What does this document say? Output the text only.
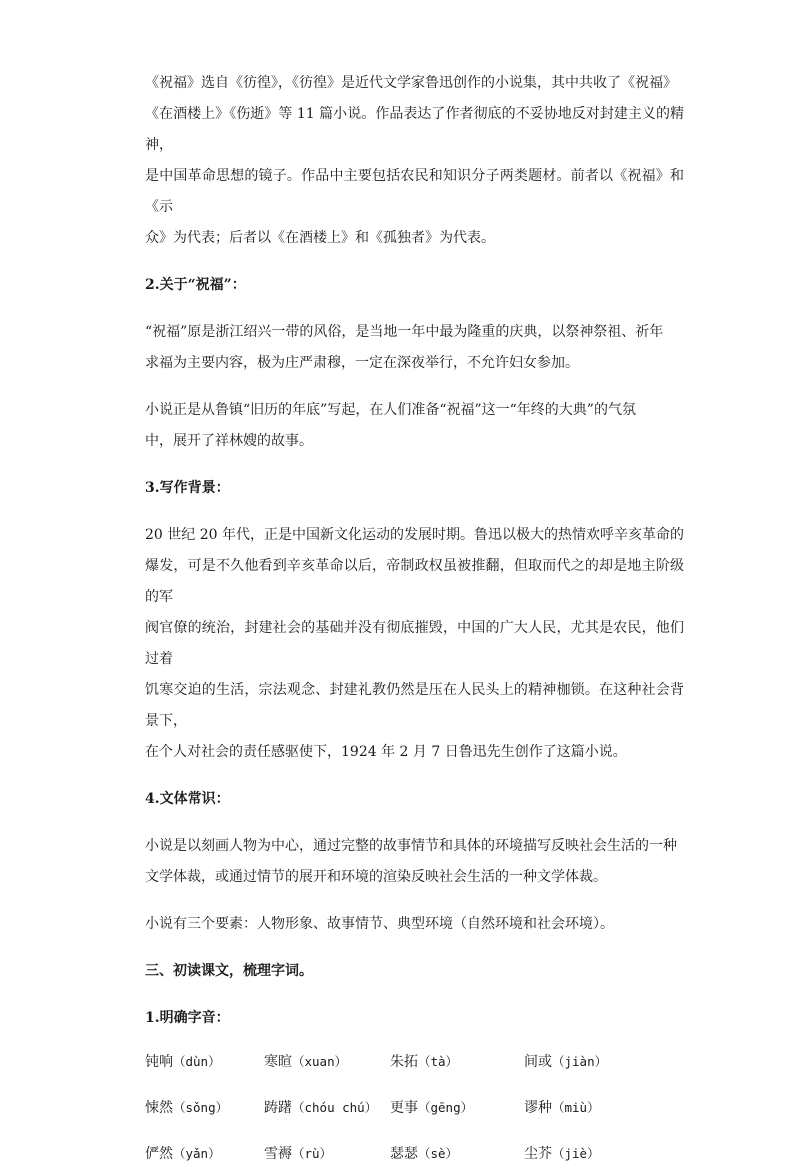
《祝福》选自《彷徨》，《彷徨》是近代文学家鲁迅创作的小说集，其中共收了《祝福》

《在酒楼上》《伤逝》等 11 篇小说。作品表达了作者彻底的不妥协地反对封建主义的精神，

是中国革命思想的镜子。作品中主要包括农民和知识分子两类题材。前者以《祝福》和《示

众》为代表；后者以《在酒楼上》和《孤独者》为代表。

2.关于“祝福”：

“祝福”原是浙江绍兴一带的风俗，是当地一年中最为隆重的庆典，以祭神祭祖、祈年

求福为主要内容，极为庄严肃穆，一定在深夜举行，不允许妇女参加。

小说正是从鲁镇“旧历的年底”写起，在人们准备“祝福”这一“年终的大典”的气氛

中，展开了祥林嫂的故事。

3.写作背景：

20 世纪 20 年代，正是中国新文化运动的发展时期。鲁迅以极大的热情欢呼辛亥革命的

爆发，可是不久他看到辛亥革命以后，帝制政权虽被推翻，但取而代之的却是地主阶级的军

阀官僚的统治，封建社会的基础并没有彻底摧毁，中国的广大人民，尤其是农民，他们过着

饥寒交迫的生活，宗法观念、封建礼教仍然是压在人民头上的精神枷锁。在这种社会背景下，

在个人对社会的责任感驱使下，1924 年 2 月 7 日鲁迅先生创作了这篇小说。

4.文体常识：

小说是以刻画人物为中心，通过完整的故事情节和具体的环境描写反映社会生活的一种

文学体裁，或通过情节的展开和环境的渲染反映社会生活的一种文学体裁。

小说有三个要素：人物形象、故事情节、典型环境（自然环境和社会环境）。

三、初读课文，梳理字词。

1.明确字音：

钝响（dùn）	寒暄（xuan）	朱拓（tà）	间或（jiàn）
悚然（sǒng）	踌躇（chóu chú） 更事（gēng）	谬种（miù）
俨然（yǎn）	雪褥（rù）	瑟瑟（sè）	尘芥（jiè）
